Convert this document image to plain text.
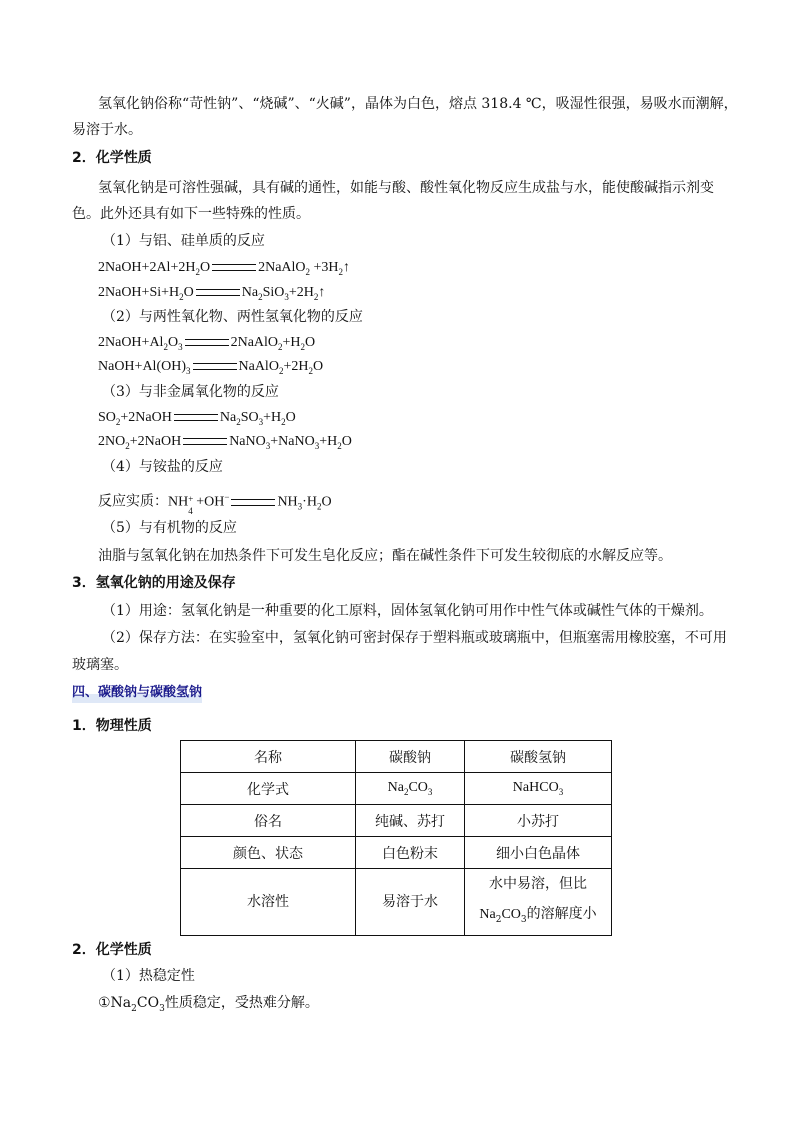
氢氧化钠俗称“苛性钠”、“烧碱”、“火碱”，晶体为白色，熔点 318.4 ℃，吸湿性很强，易吸水而潮解，
易溶于水。
2．化学性质
氢氧化钠是可溶性强碱，具有碱的通性，如能与酸、酸性氧化物反应生成盐与水，能使酸碱指示剂变
色。此外还具有如下一些特殊的性质。
（1）与铝、硅单质的反应
$2NaOH+2Al+2H_2O$	2NaAlO$_2$ $+3H_2↑$
$2NaOH+Si+H_2O$	$Na_2SiO_3+2H_2↑$
（2）与两性氧化物、两性氢氧化物的反应
$2NaOH+Al_2O_3$	$2NaAlO_2+H_2O$
$NaOH+Al(OH)_3$	$NaAlO_2+2H_2O$
（3）与非金属氧化物的反应
$SO_2+2NaOH$	$Na_2SO_3+H_2O$
$2NO_2+2NaOH$	$NaNO_3+NaNO_3+H_2O$
（4）与铵盐的反应
反应实质：NH +
4
+OH−	$NH_3\cdot H_2O$
（5）与有机物的反应
油脂与氢氧化钠在加热条件下可发生皂化反应；酯在碱性条件下可发生较彻底的水解反应等。
3．氢氧化钠的用途及保存
（1）用途：氢氧化钠是一种重要的化工原料，固体氢氧化钠可用作中性气体或碱性气体的干燥剂。
（2）保存方法：在实验室中，氢氧化钠可密封保存于塑料瓶或玻璃瓶中，但瓶塞需用橡胶塞，不可用
玻璃塞。
四、碳酸钠与碳酸氢钠
1．物理性质
名称	碳酸钠	碳酸氢钠
化学式	$Na_2CO_3$	NaHCO$_3$
俗名	纯碱、苏打	小苏打
颜色、状态	白色粉末	细小白色晶体
水溶性	易溶于水	水中易溶，但比
$Na_2CO_3$的溶解度小
2．化学性质
（1）热稳定性
$①Na_2CO_3$性质稳定，受热难分解。
